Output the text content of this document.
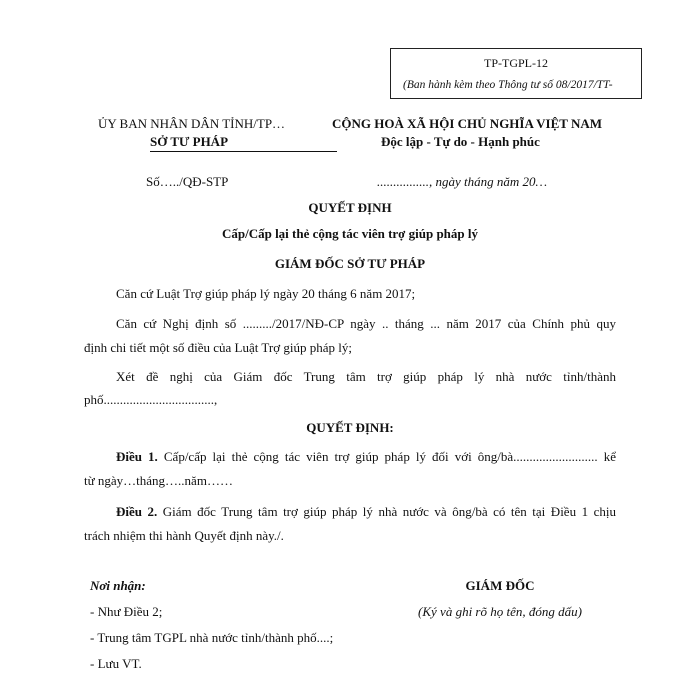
TP-TGPL-12
(Ban hành kèm theo Thông tư số 08/2017/TT-
ỦY BAN NHÂN DÂN TỈNH/TP…
SỞ TƯ PHÁP
CỘNG HOÀ XÃ HỘI CHỦ NGHĨA VIỆT NAM
Độc lập - Tự do - Hạnh phúc
Số…../QĐ-STP	................, ngày tháng năm 20…
QUYẾT ĐỊNH
Cấp/Cấp lại thẻ cộng tác viên trợ giúp pháp lý
GIÁM ĐỐC SỞ TƯ PHÁP
Căn cứ Luật Trợ giúp pháp lý ngày 20 tháng 6 năm 2017;
Căn cứ Nghị định số ........./2017/NĐ-CP ngày .. tháng ... năm 2017 của Chính phủ quy
định chi tiết một số điều của Luật Trợ giúp pháp lý;
Xét đề nghị của Giám đốc Trung tâm trợ giúp pháp lý nhà nước tỉnh/thành
phố..................................,
QUYẾT ĐỊNH:
Điều 1. Cấp/cấp lại thẻ cộng tác viên trợ giúp pháp lý đối với ông/bà.......................... kể
từ ngày…tháng…..năm……
Điều 2. Giám đốc Trung tâm trợ giúp pháp lý nhà nước và ông/bà có tên tại Điều 1 chịu
trách nhiệm thi hành Quyết định này./.
Nơi nhận:
- Như Điều 2;
- Trung tâm TGPL nhà nước tỉnh/thành phố....;
- Lưu VT.
GIÁM ĐỐC
(Ký và ghi rõ họ tên, đóng dấu)
